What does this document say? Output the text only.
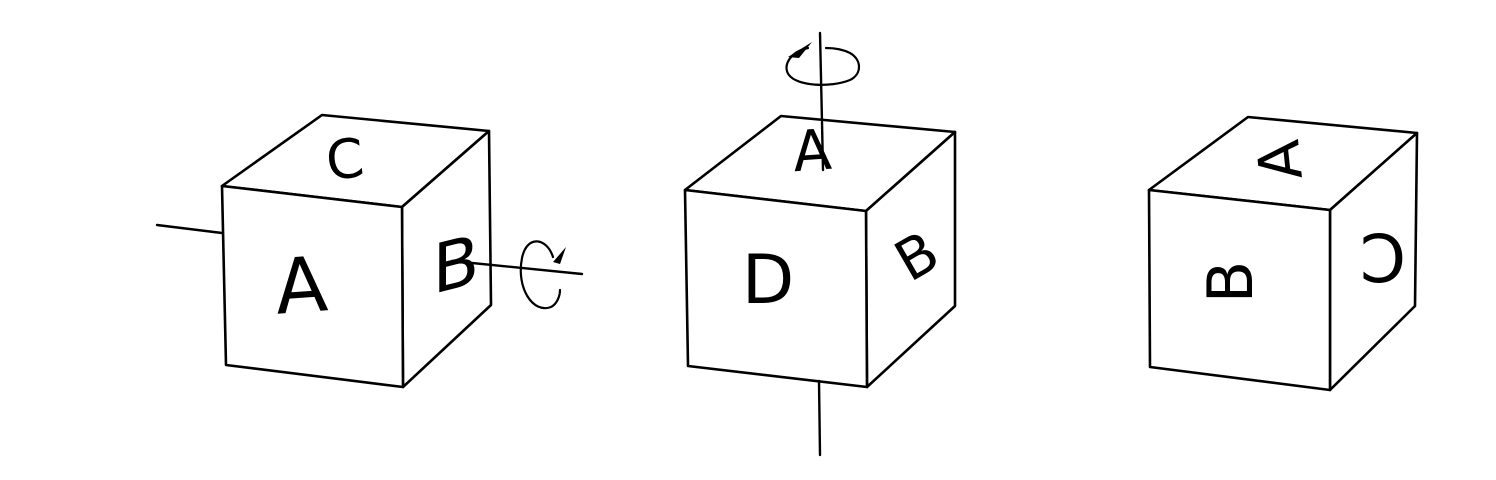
A
C
B
A
D B
A
B C
